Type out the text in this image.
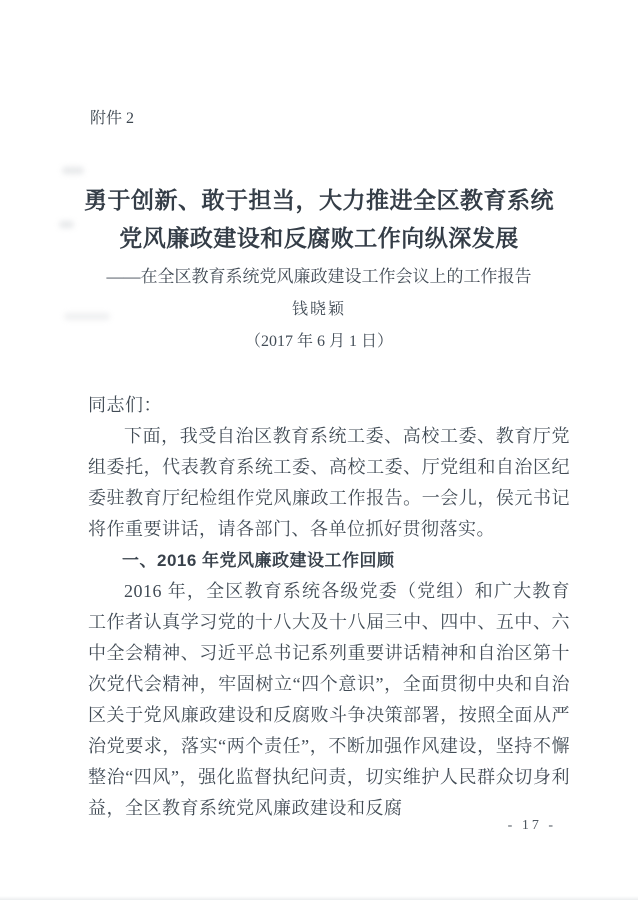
附件 2
勇于创新、敢于担当，大力推进全区教育系统
党风廉政建设和反腐败工作向纵深发展
——在全区教育系统党风廉政建设工作会议上的工作报告
钱晓颖
（2017 年 6 月 1 日）

同志们：

下面，我受自治区教育系统工委、高校工委、教育厅党组委托，代表教育系统工委、高校工委、厅党组和自治区纪委驻教育厅纪检组作党风廉政工作报告。一会儿，侯元书记将作重要讲话，请各部门、各单位抓好贯彻落实。

一、2016 年党风廉政建设工作回顾

2016 年，全区教育系统各级党委（党组）和广大教育工作者认真学习党的十八大及十八届三中、四中、五中、六中全会精神、习近平总书记系列重要讲话精神和自治区第十次党代会精神，牢固树立“四个意识”，全面贯彻中央和自治区关于党风廉政建设和反腐败斗争决策部署，按照全面从严治党要求，落实“两个责任”，不断加强作风建设，坚持不懈整治“四风”，强化监督执纪问责，切实维护人民群众切身利益，全区教育系统党风廉政建设和反腐

- 17 -
